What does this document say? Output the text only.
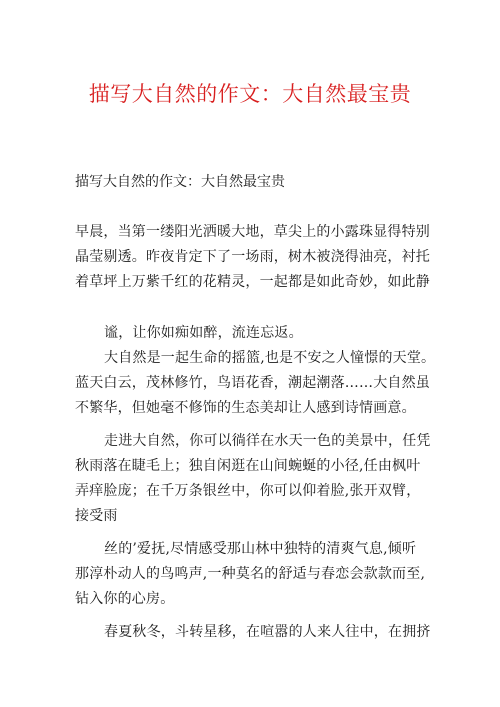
描写大自然的作文：大自然最宝贵
描写大自然的作文：大自然最宝贵
早晨，当第一缕阳光洒暖大地，草尖上的小露珠显得特别
晶莹剔透。昨夜肯定下了一场雨，树木被浇得油亮，衬托
着草坪上万紫千红的花精灵，一起都是如此奇妙，如此静
谧，让你如痴如醉，流连忘返。
大自然是一起生命的摇篮,也是不安之人憧憬的天堂。
蓝天白云，茂林修竹，鸟语花香，潮起潮落……大自然虽
不繁华，但她毫不修饰的生态美却让人感到诗情画意。
走进大自然，你可以徜徉在水天一色的美景中，任凭
秋雨落在睫毛上；独自闲逛在山间蜿蜒的小径,任由枫叶
弄痒脸庞；在千万条银丝中，你可以仰着脸,张开双臂，
接受雨
丝的’爱抚,尽情感受那山林中独特的清爽气息,倾听
那淳朴动人的鸟鸣声,一种莫名的舒适与春恋会款款而至,
钻入你的心房。
春夏秋冬，斗转星移，在喧嚣的人来人往中，在拥挤
